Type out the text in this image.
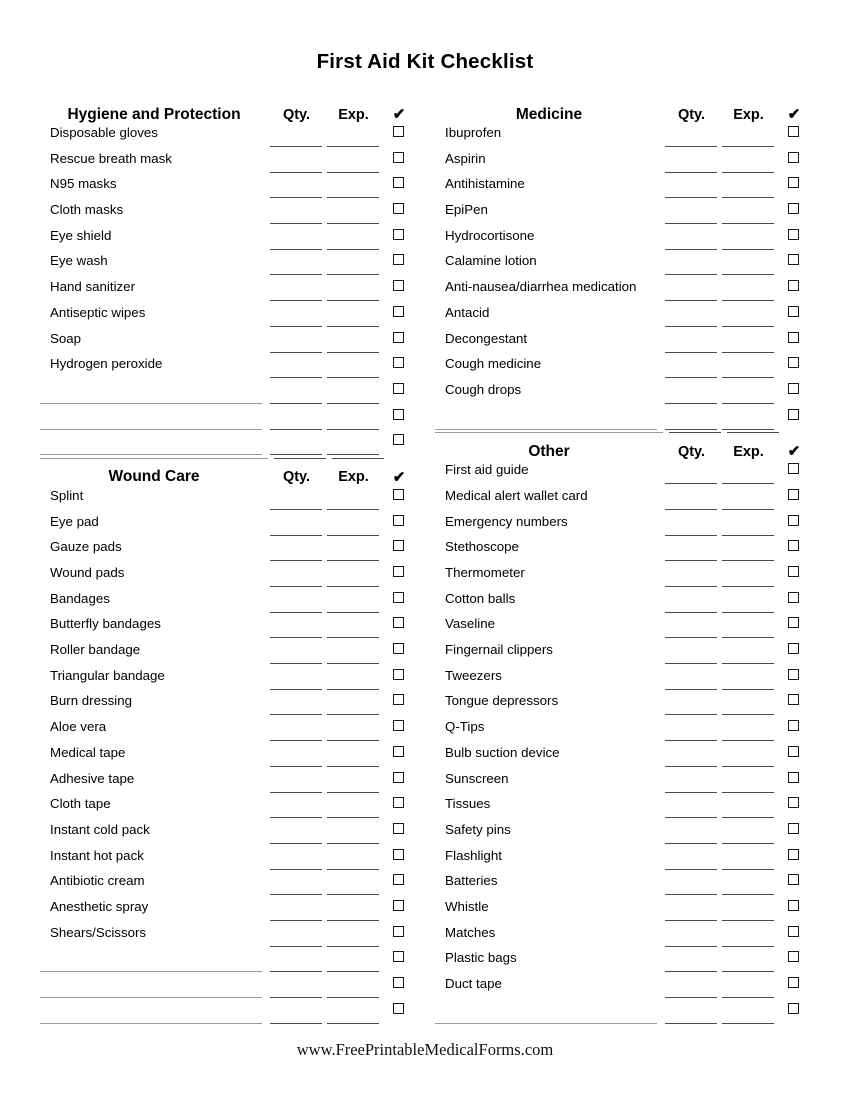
First Aid Kit Checklist
Hygiene and Protection	Qty.	Exp.	✔
Disposable gloves
Rescue breath mask
N95 masks
Cloth masks
Eye shield
Eye wash
Hand sanitizer
Antiseptic wipes
Soap
Hydrogen peroxide
Wound Care	Qty.	Exp.	✔
Splint
Eye pad
Gauze pads
Wound pads
Bandages
Butterfly bandages
Roller bandage
Triangular bandage
Burn dressing
Aloe vera
Medical tape
Adhesive tape
Cloth tape
Instant cold pack
Instant hot pack
Antibiotic cream
Anesthetic spray
Shears/Scissors
Medicine	Qty.	Exp.	✔
Ibuprofen
Aspirin
Antihistamine
EpiPen
Hydrocortisone
Calamine lotion
Anti-nausea/diarrhea medication
Antacid
Decongestant
Cough medicine
Cough drops
Other	Qty.	Exp.	✔
First aid guide
Medical alert wallet card
Emergency numbers
Stethoscope
Thermometer
Cotton balls
Vaseline
Fingernail clippers
Tweezers
Tongue depressors
Q-Tips
Bulb suction device
Sunscreen
Tissues
Safety pins
Flashlight
Batteries
Whistle
Matches
Plastic bags
Duct tape
www.FreePrintableMedicalForms.com
